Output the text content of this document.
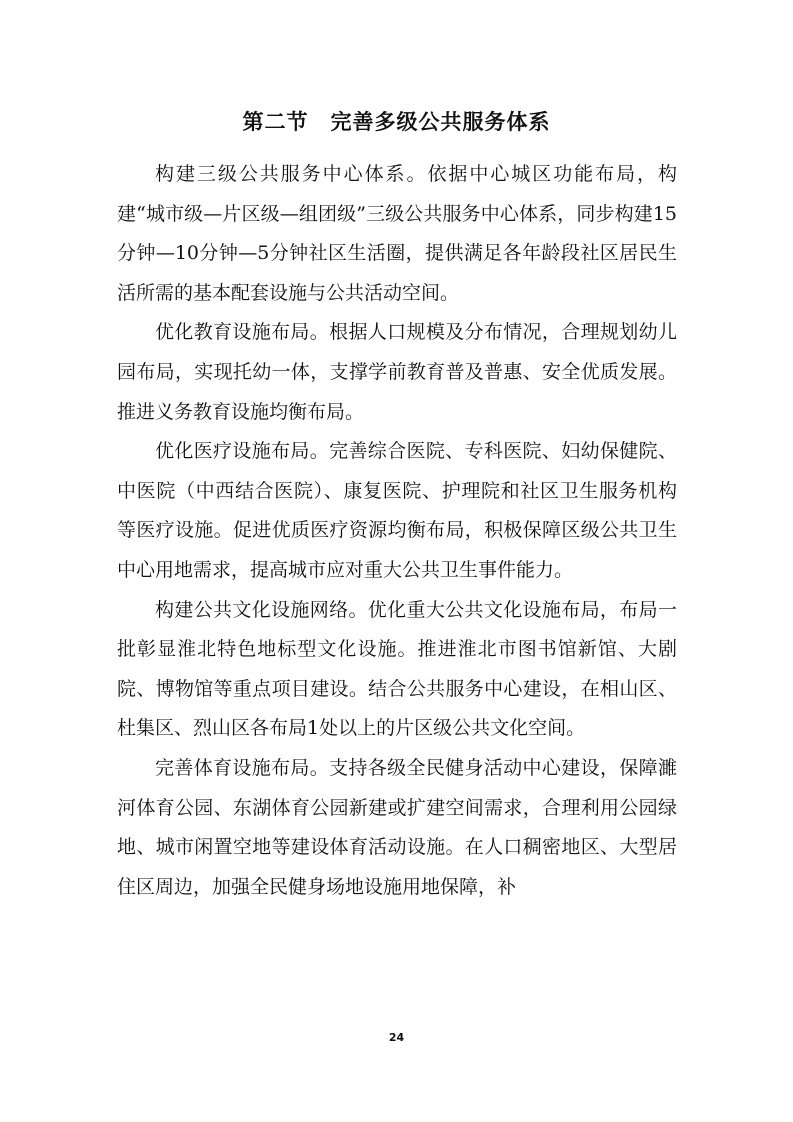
第二节　完善多级公共服务体系

构建三级公共服务中心体系。依据中心城区功能布局，构建“城市级—片区级—组团级”三级公共服务中心体系，同步构建15分钟—10分钟—5分钟社区生活圈，提供满足各年龄段社区居民生活所需的基本配套设施与公共活动空间。

优化教育设施布局。根据人口规模及分布情况，合理规划幼儿园布局，实现托幼一体，支撑学前教育普及普惠、安全优质发展。推进义务教育设施均衡布局。

优化医疗设施布局。完善综合医院、专科医院、妇幼保健院、中医院（中西结合医院）、康复医院、护理院和社区卫生服务机构等医疗设施。促进优质医疗资源均衡布局，积极保障区级公共卫生中心用地需求，提高城市应对重大公共卫生事件能力。

构建公共文化设施网络。优化重大公共文化设施布局，布局一批彰显淮北特色地标型文化设施。推进淮北市图书馆新馆、大剧院、博物馆等重点项目建设。结合公共服务中心建设，在相山区、杜集区、烈山区各布局1处以上的片区级公共文化空间。

完善体育设施布局。支持各级全民健身活动中心建设，保障濉河体育公园、东湖体育公园新建或扩建空间需求，合理利用公园绿地、城市闲置空地等建设体育活动设施。在人口稠密地区、大型居住区周边，加强全民健身场地设施用地保障，补

24
